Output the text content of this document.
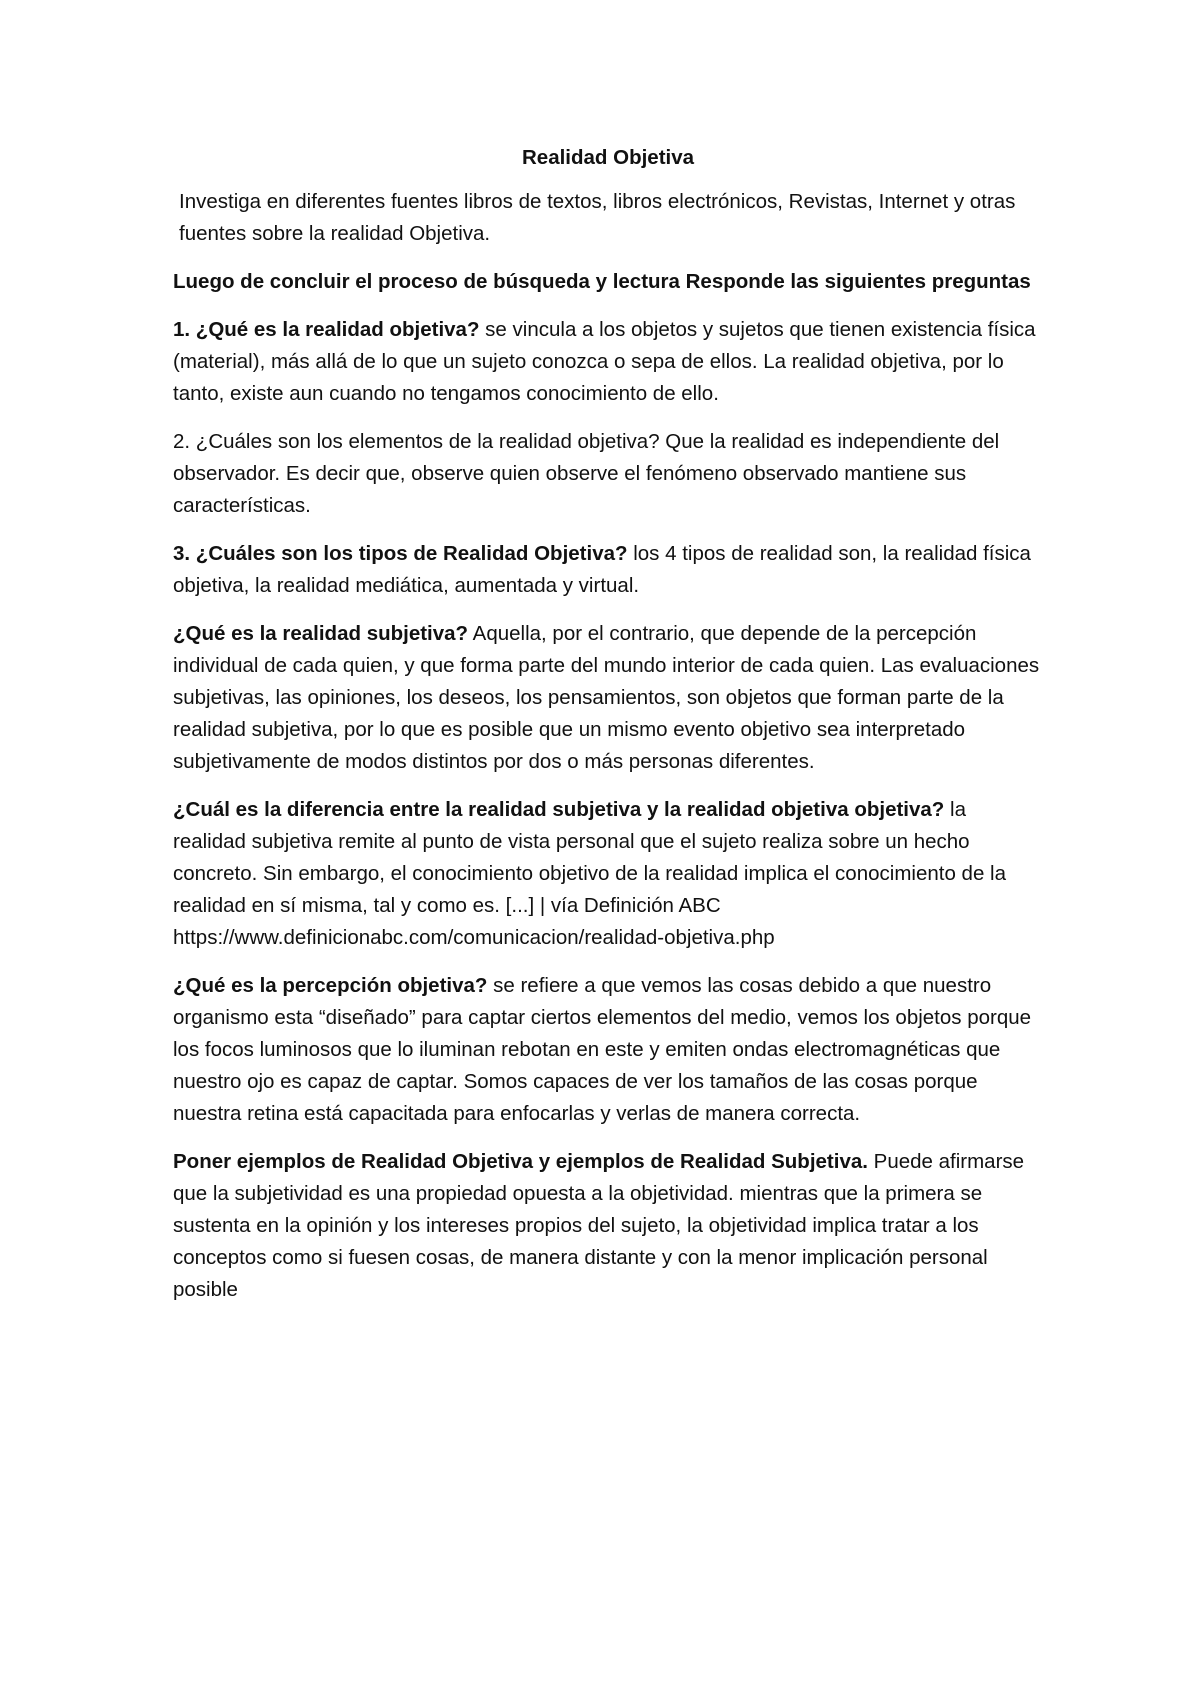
Realidad Objetiva

Investiga en diferentes fuentes libros de textos, libros electrónicos, Revistas, Internet y otras fuentes sobre la realidad Objetiva.

Luego de concluir el proceso de búsqueda y lectura Responde las siguientes preguntas

1. ¿Qué es la realidad objetiva? se vincula a los objetos y sujetos que tienen existencia física (material), más allá de lo que un sujeto conozca o sepa de ellos. La realidad objetiva, por lo tanto, existe aun cuando no tengamos conocimiento de ello.

2. ¿Cuáles son los elementos de la realidad objetiva? Que la realidad es independiente del observador. Es decir que, observe quien observe el fenómeno observado mantiene sus características.

3. ¿Cuáles son los tipos de Realidad Objetiva? los 4 tipos de realidad son, la realidad física objetiva, la realidad mediática, aumentada y virtual.

¿Qué es la realidad subjetiva? Aquella, por el contrario, que depende de la percepción individual de cada quien, y que forma parte del mundo interior de cada quien. Las evaluaciones subjetivas, las opiniones, los deseos, los pensamientos, son objetos que forman parte de la realidad subjetiva, por lo que es posible que un mismo evento objetivo sea interpretado subjetivamente de modos distintos por dos o más personas diferentes.

¿Cuál es la diferencia entre la realidad subjetiva y la realidad objetiva objetiva? la realidad subjetiva remite al punto de vista personal que el sujeto realiza sobre un hecho concreto. Sin embargo, el conocimiento objetivo de la realidad implica el conocimiento de la realidad en sí misma, tal y como es. [...] | vía Definición ABC https://www.definicionabc.com/comunicacion/realidad-objetiva.php

¿Qué es la percepción objetiva? se refiere a que vemos las cosas debido a que nuestro organismo esta “diseñado” para captar ciertos elementos del medio, vemos los objetos porque los focos luminosos que lo iluminan rebotan en este y emiten ondas electromagnéticas que nuestro ojo es capaz de captar. Somos capaces de ver los tamaños de las cosas porque nuestra retina está capacitada para enfocarlas y verlas de manera correcta.

Poner ejemplos de Realidad Objetiva y ejemplos de Realidad Subjetiva. Puede afirmarse que la subjetividad es una propiedad opuesta a la objetividad. mientras que la primera se sustenta en la opinión y los intereses propios del sujeto, la objetividad implica tratar a los conceptos como si fuesen cosas, de manera distante y con la menor implicación personal posible
